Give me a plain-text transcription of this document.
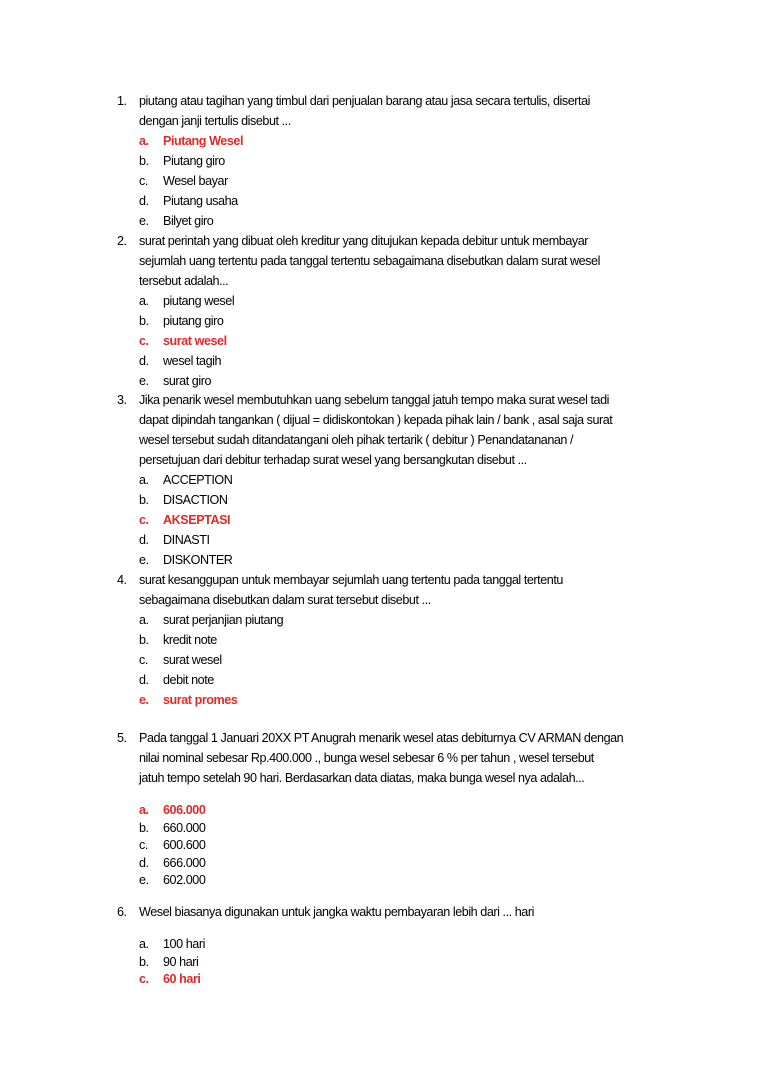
1. piutang atau tagihan yang timbul dari penjualan barang atau jasa secara tertulis, disertai
dengan janji tertulis disebut ...
a. Piutang Wesel
b. Piutang giro
c. Wesel bayar
d. Piutang usaha
e. Bilyet giro
2. surat perintah yang dibuat oleh kreditur yang ditujukan kepada debitur untuk membayar
sejumlah uang tertentu pada tanggal tertentu sebagaimana disebutkan dalam surat wesel
tersebut adalah...
a. piutang wesel
b. piutang giro
c. surat wesel
d. wesel tagih
e. surat giro
3. Jika penarik wesel membutuhkan uang sebelum tanggal jatuh tempo maka surat wesel tadi
dapat dipindah tangankan ( dijual = didiskontokan ) kepada pihak lain / bank , asal saja surat
wesel tersebut sudah ditandatangani oleh pihak tertarik ( debitur ) Penandatananan /
persetujuan dari debitur terhadap surat wesel yang bersangkutan disebut ...
a. ACCEPTION
b. DISACTION
c. AKSEPTASI
d. DINASTI
e. DISKONTER
4. surat kesanggupan untuk membayar sejumlah uang tertentu pada tanggal tertentu
sebagaimana disebutkan dalam surat tersebut disebut ...
a. surat perjanjian piutang
b. kredit note
c. surat wesel
d. debit note
e. surat promes
5. Pada tanggal 1 Januari 20XX PT Anugrah menarik wesel atas debiturnya CV ARMAN dengan
nilai nominal sebesar Rp.400.000 ., bunga wesel sebesar 6 % per tahun , wesel tersebut
jatuh tempo setelah 90 hari. Berdasarkan data diatas, maka bunga wesel nya adalah...
a. 606.000
b. 660.000
c. 600.600
d. 666.000
e. 602.000
6. Wesel biasanya digunakan untuk jangka waktu pembayaran lebih dari ... hari
a. 100 hari
b. 90 hari
c. 60 hari
